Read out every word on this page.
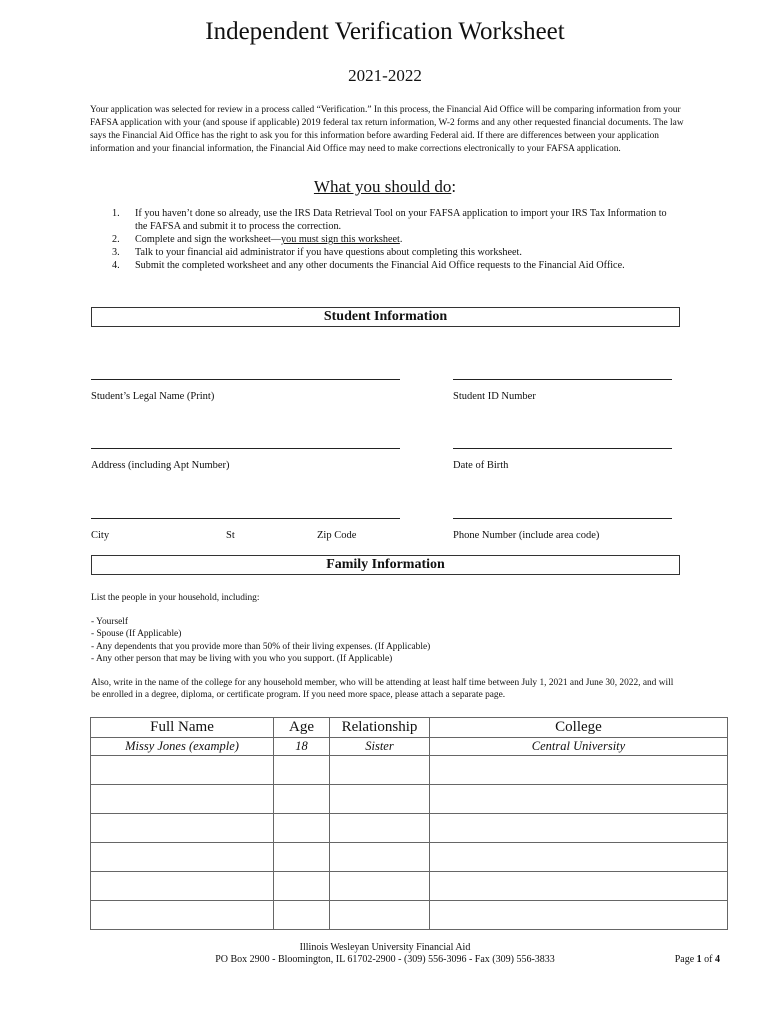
Independent Verification Worksheet
2021-2022
Your application was selected for review in a process called “Verification.” In this process, the Financial Aid Office will be comparing information from your FAFSA application with your (and spouse if applicable) 2019 federal tax return information, W-2 forms and any other requested financial documents. The law says the Financial Aid Office has the right to ask you for this information before awarding Federal aid. If there are differences between your application information and your financial information, the Financial Aid Office may need to make corrections electronically to your FAFSA application.
What you should do:
1. If you haven’t done so already, use the IRS Data Retrieval Tool on your FAFSA application to import your IRS Tax Information to the FAFSA and submit it to process the correction.
2. Complete and sign the worksheet—you must sign this worksheet.
3. Talk to your financial aid administrator if you have questions about completing this worksheet.
4. Submit the completed worksheet and any other documents the Financial Aid Office requests to the Financial Aid Office.
Student Information
Student’s Legal Name (Print)	Student ID Number
Address (including Apt Number)	Date of Birth
City	St	Zip Code	Phone Number (include area code)
Family Information
List the people in your household, including:
- Yourself
- Spouse (If Applicable)
- Any dependents that you provide more than 50% of their living expenses. (If Applicable)
- Any other person that may be living with you who you support. (If Applicable)
Also, write in the name of the college for any household member, who will be attending at least half time between July 1, 2021 and June 30, 2022, and will be enrolled in a degree, diploma, or certificate program. If you need more space, please attach a separate page.
Full Name	Age	Relationship	College
Missy Jones (example)	18	Sister	Central University

Illinois Wesleyan University Financial Aid
PO Box 2900 - Bloomington, IL 61702-2900 - (309) 556-3096 - Fax (309) 556-3833	Page 1 of 4
